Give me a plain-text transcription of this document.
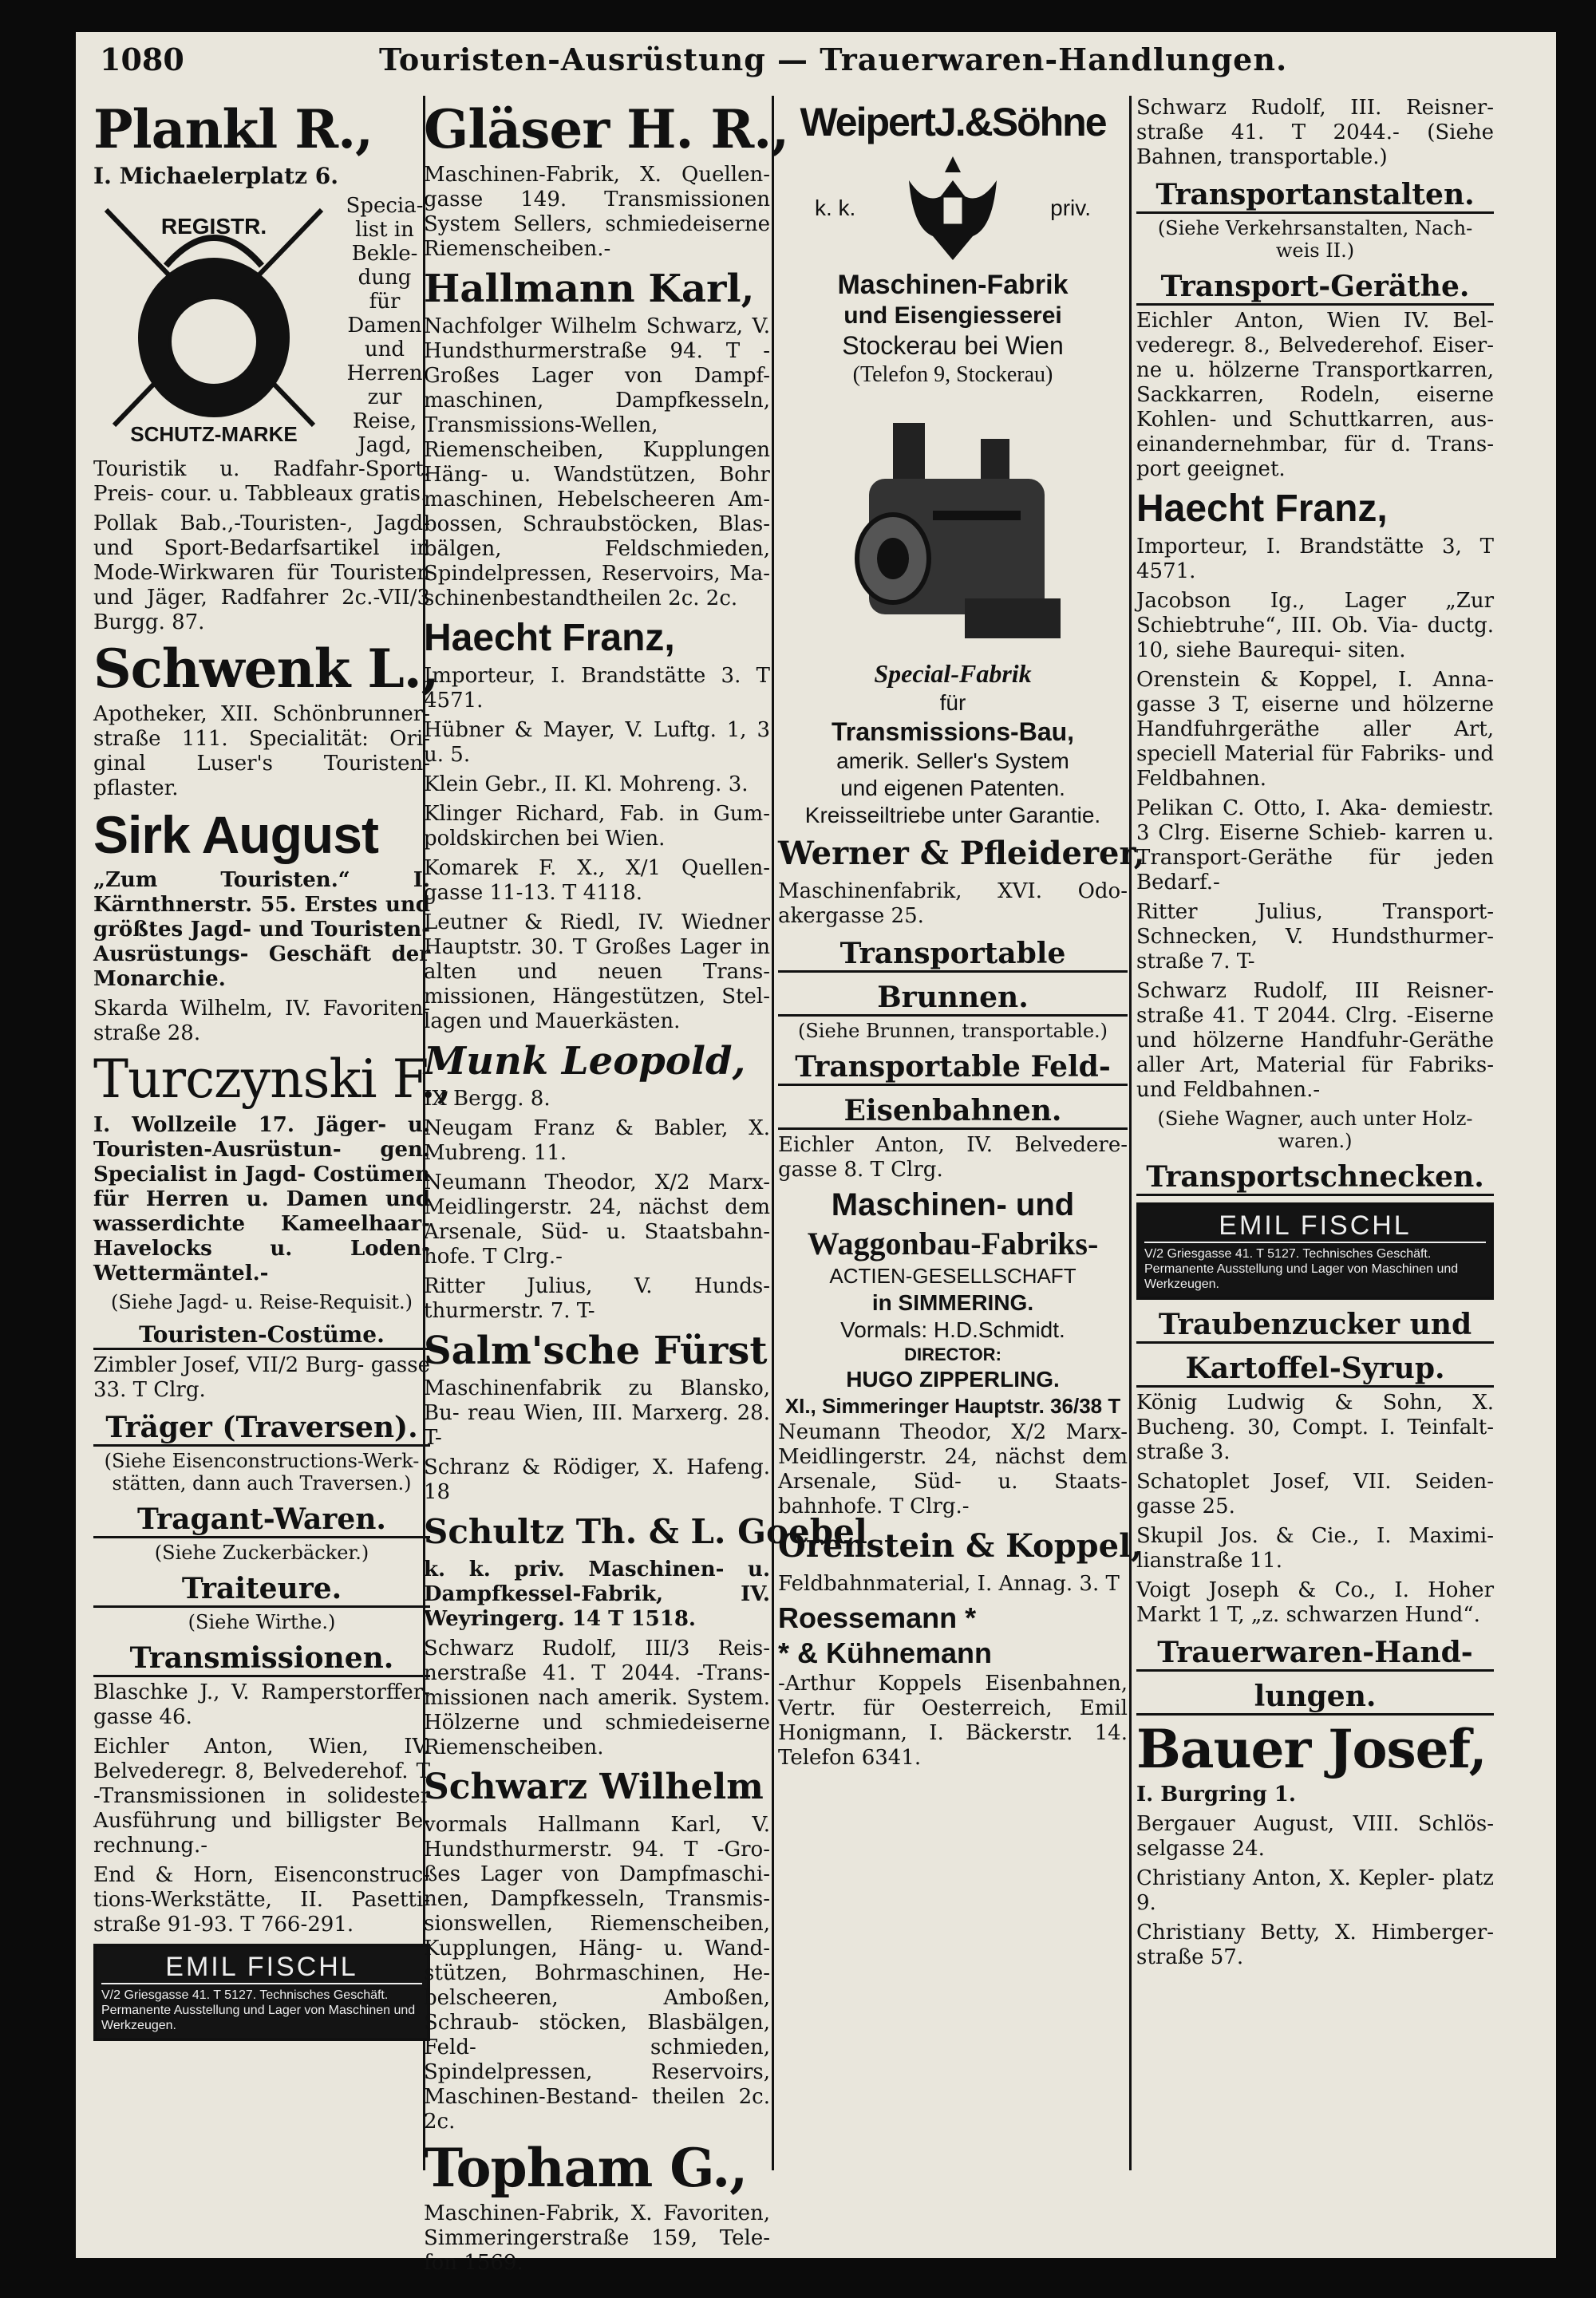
1080	Touristen-Ausrüstung — Trauerwaren-Handlungen.
Plankl R.,
I. Michaelerplatz 6.
REGISTR.
SCHUTZ-MARKE
Specia- list in Bekle- dung für Damen und Herren zur Reise, Jagd,

Touristik u. Radfahr-Sport. Preis- cour. u. Tabbleaux gratis.

Pollak Bab.,-Touristen-, Jagd- und Sport-Bedarfsartikel in Mode-Wirkwaren für Touristen und Jäger, Radfahrer 2c.-VII/3 Burgg. 87.

Schwenk L.,

Apotheker, XII. Schönbrunner- straße 111. Specialität: Ori- ginal Luser's Touristen- pflaster.

Sirk August

„Zum Touristen.“ I. Kärnthnerstr. 55. Erstes und größtes Jagd- und Touristen-Ausrüstungs- Geschäft der Monarchie.

Skarda Wilhelm, IV. Favoriten- straße 28.

Turczynski F.,

I. Wollzeile 17. Jäger- u. Touristen-Ausrüstun- gen. Specialist in Jagd- Costümen für Herren u. Damen und wasserdichte Kameelhaar-Havelocks u. Loden-Wettermäntel.-

(Siehe Jagd- u. Reise-Requisit.)

Touristen-Costüme.

Zimbler Josef, VII/2 Burg- gasse 33. T Clrg.

Träger (Traversen).

(Siehe Eisenconstructions-Werk- stätten, dann auch Traversen.)

Tragant-Waren.

(Siehe Zuckerbäcker.)

Traiteure.

(Siehe Wirthe.)

Transmissionen.

Blaschke J., V. Ramperstorffer- gasse 46.

Eichler Anton, Wien, IV. Belvederegr. 8, Belvederehof. T -Transmissionen in solidester Ausführung und billigster Be- rechnung.-

End & Horn, Eisenconstruc- tions-Werkstätte, II. Pasetti- straße 91-93. T 766-291.

EMIL FISCHL
V/2 Griesgasse 41. T 5127. Technisches Geschäft. Permanente Ausstellung und Lager von Maschinen und Werkzeugen.
Gläser H. R.,

Maschinen-Fabrik, X. Quellen- gasse 149. Transmissionen System Sellers, schmiedeiserne Riemenscheiben.-

Hallmann Karl,

Nachfolger Wilhelm Schwarz, V. Hundsthurmerstraße 94. T -Großes Lager von Dampf- maschinen, Dampfkesseln, Transmissions-Wellen, Riemenscheiben, Kupplungen Häng- u. Wandstützen, Bohr maschinen, Hebelscheeren Am- bossen, Schraubstöcken, Blas- bälgen, Feldschmieden, Spindelpressen, Reservoirs, Ma- schinenbestandtheilen 2c. 2c.

Haecht Franz,

Importeur, I. Brandstätte 3. T 4571.

Hübner & Mayer, V. Luftg. 1, 3 u. 5.

Klein Gebr., II. Kl. Mohreng. 3.

Klinger Richard, Fab. in Gum- poldskirchen bei Wien.

Komarek F. X., X/1 Quellen- gasse 11-13. T 4118.

Leutner & Riedl, IV. Wiedner Hauptstr. 30. T Großes Lager in alten und neuen Trans- missionen, Hängestützen, Stel- lagen und Mauerkästen.

Munk Leopold,

IX Bergg. 8.

Neugam Franz & Babler, X. Mubreng. 11.

Neumann Theodor, X/2 Marx- Meidlingerstr. 24, nächst dem Arsenale, Süd- u. Staatsbahn- hofe. T Clrg.-

Ritter Julius, V. Hunds- thurmerstr. 7. T-

Salm'sche Fürst

Maschinenfabrik zu Blansko, Bu- reau Wien, III. Marxerg. 28. T-

Schranz & Rödiger, X. Hafeng. 18

Schultz Th. & L. Goebel

k. k. priv. Maschinen- u. Dampfkessel-Fabrik, IV. Weyringerg. 14 T 1518.

Schwarz Rudolf, III/3 Reis- nerstraße 41. T 2044. -Trans- missionen nach amerik. System. Hölzerne und schmiedeiserne Riemenscheiben.

Schwarz Wilhelm

vormals Hallmann Karl, V. Hundsthurmerstr. 94. T -Gro- ßes Lager von Dampfmaschi- nen, Dampfkesseln, Transmis- sionswellen, Riemenscheiben, Kupplungen, Häng- u. Wand- stützen, Bohrmaschinen, He- belscheeren, Amboßen, Schraub- stöcken, Blasbälgen, Feld- schmieden, Spindelpressen, Reservoirs, Maschinen-Bestand- theilen 2c. 2c.

Topham G.,

Maschinen-Fabrik, X. Favoriten, Simmeringerstraße 159, Tele- fon 1569.

WeipertJ.&Söhne
k. k.	priv.
Maschinen-Fabrik
und Eisengiesserei
Stockerau bei Wien
(Telefon 9, Stockerau)
Special-Fabrik
für
Transmissions-Bau,
amerik. Seller's System
und eigenen Patenten.
Kreisseiltriebe unter Garantie.
Werner & Pfleiderer,

Maschinenfabrik, XVI. Odo- akergasse 25.

Transportable
Brunnen.

(Siehe Brunnen, transportable.)

Transportable Feld-
Eisenbahnen.

Eichler Anton, IV. Belvedere- gasse 8. T Clrg.

Maschinen- und
Waggonbau-Fabriks-
ACTIEN-GESELLSCHAFT
in SIMMERING.
Vormals: H.D.Schmidt.
DIRECTOR:
HUGO ZIPPERLING.
XI., Simmeringer Hauptstr. 36/38 T

Neumann Theodor, X/2 Marx-Meidlingerstr. 24, nächst dem Arsenale, Süd- u. Staats- bahnhofe. T Clrg.-

Orenstein & Koppel,

Feldbahnmaterial, I. Annag. 3. T

Roessemann *
* & Kühnemann

-Arthur Koppels Eisenbahnen, Vertr. für Oesterreich, Emil Honigmann, I. Bäckerstr. 14. Telefon 6341.

Schwarz Rudolf, III. Reisner- straße 41. T 2044.- (Siehe Bahnen, transportable.)

Transportanstalten.

(Siehe Verkehrsanstalten, Nach- weis II.)

Transport-Geräthe.

Eichler Anton, Wien IV. Bel- vederegr. 8., Belvederehof. Eiser- ne u. hölzerne Transportkarren, Sackkarren, Rodeln, eiserne Kohlen- und Schuttkarren, aus- einandernehmbar, für d. Trans- port geeignet.

Haecht Franz,

Importeur, I. Brandstätte 3, T 4571.

Jacobson Ig., Lager „Zur Schiebtruhe“, III. Ob. Via- ductg. 10, siehe Baurequi- siten.

Orenstein & Koppel, I. Anna- gasse 3 T, eiserne und hölzerne Handfuhrgeräthe aller Art, speciell Material für Fabriks- und Feldbahnen.

Pelikan C. Otto, I. Aka- demiestr. 3 Clrg. Eiserne Schieb- karren u. Transport-Geräthe für jeden Bedarf.-

Ritter Julius, Transport- Schnecken, V. Hundsthurmer- straße 7. T-

Schwarz Rudolf, III Reisner- straße 41. T 2044. Clrg. -Eiserne und hölzerne Handfuhr-Geräthe aller Art, Material für Fabriks- und Feldbahnen.-

(Siehe Wagner, auch unter Holz- waren.)

Transportschnecken.
EMIL FISCHL
V/2 Griesgasse 41. T 5127. Technisches Geschäft. Permanente Ausstellung und Lager von Maschinen und Werkzeugen.
Traubenzucker und
Kartoffel-Syrup.

König Ludwig & Sohn, X. Bucheng. 30, Compt. I. Teinfalt- straße 3.

Schatoplet Josef, VII. Seiden- gasse 25.

Skupil Jos. & Cie., I. Maximi- lianstraße 11.

Voigt Joseph & Co., I. Hoher Markt 1 T, „z. schwarzen Hund“.

Trauerwaren-Hand-
lungen.
Bauer Josef,

I. Burgring 1.

Bergauer August, VIII. Schlös- selgasse 24.

Christiany Anton, X. Kepler- platz 9.

Christiany Betty, X. Himberger- straße 57.
